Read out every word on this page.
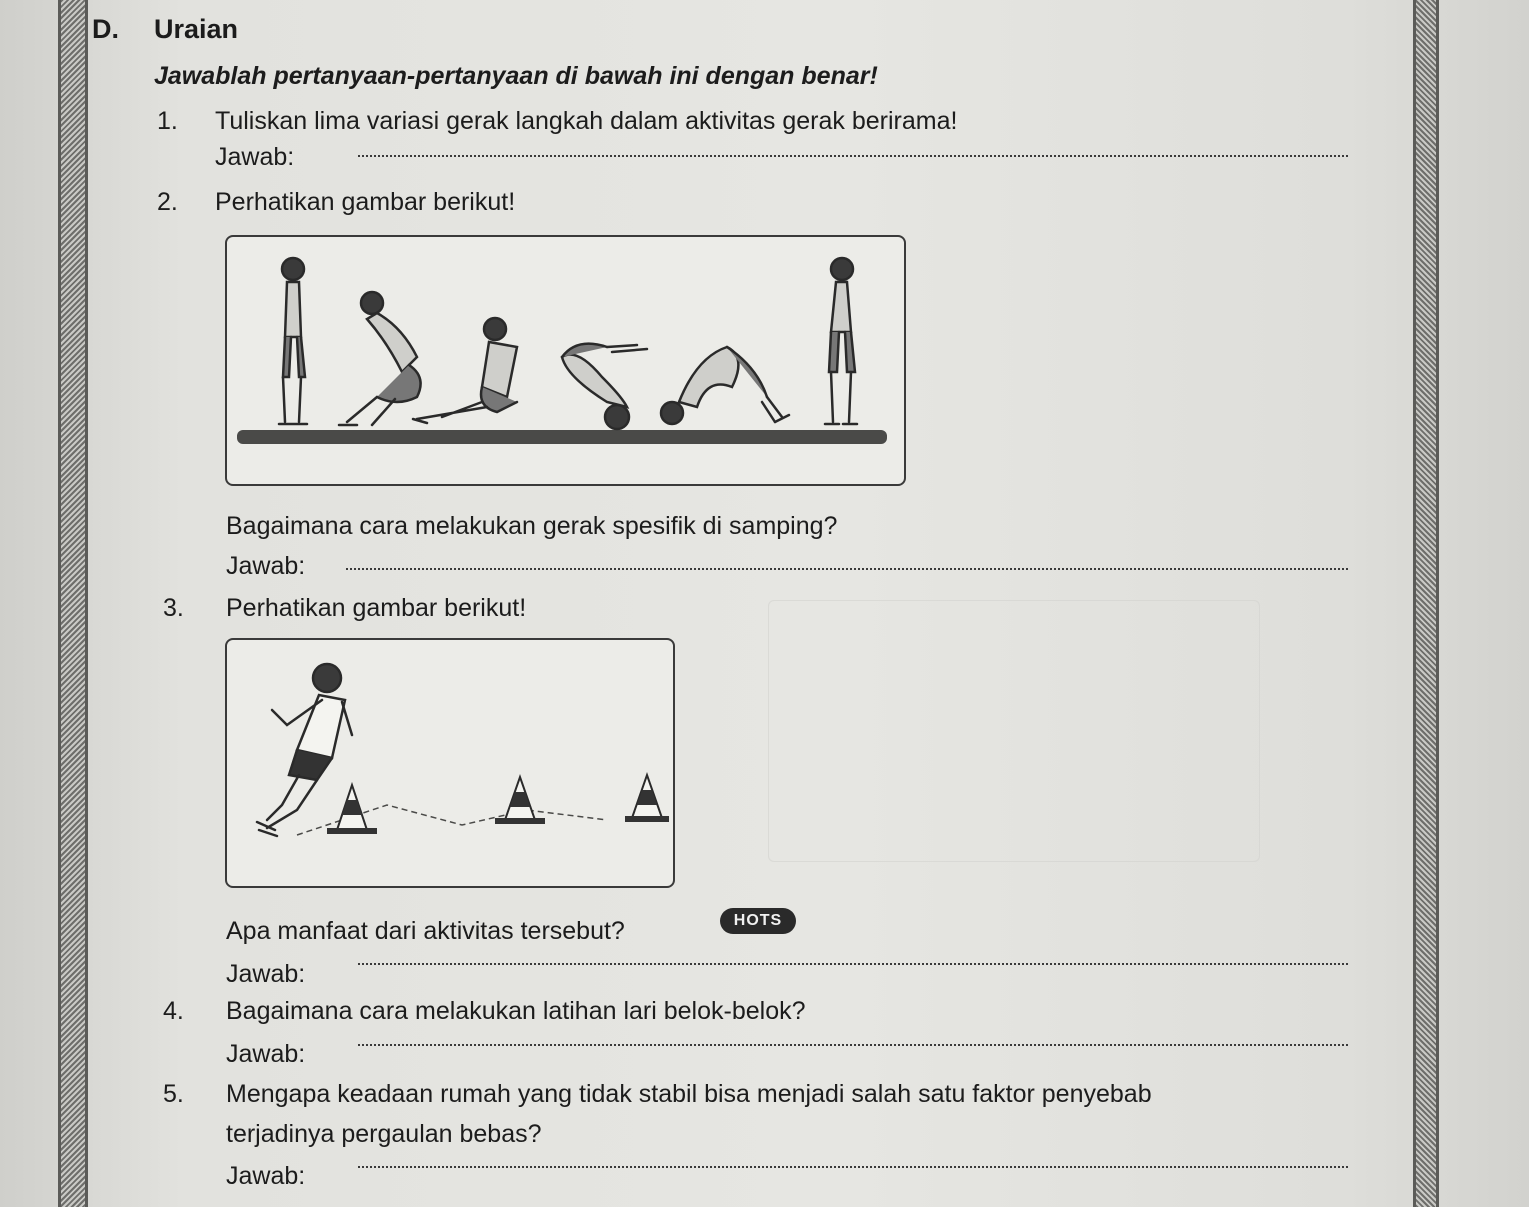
D. Uraian
Jawablah pertanyaan-pertanyaan di bawah ini dengan benar!
1. Tuliskan lima variasi gerak langkah dalam aktivitas gerak berirama!
Jawab:
2. Perhatikan gambar berikut!
Bagaimana cara melakukan gerak spesifik di samping?
Jawab:
3. Perhatikan gambar berikut!
Apa manfaat dari aktivitas tersebut?	HOTS
Jawab:
4. Bagaimana cara melakukan latihan lari belok-belok?
Jawab:
5. Mengapa keadaan rumah yang tidak stabil bisa menjadi salah satu faktor penyebab
terjadinya pergaulan bebas?
Jawab:
